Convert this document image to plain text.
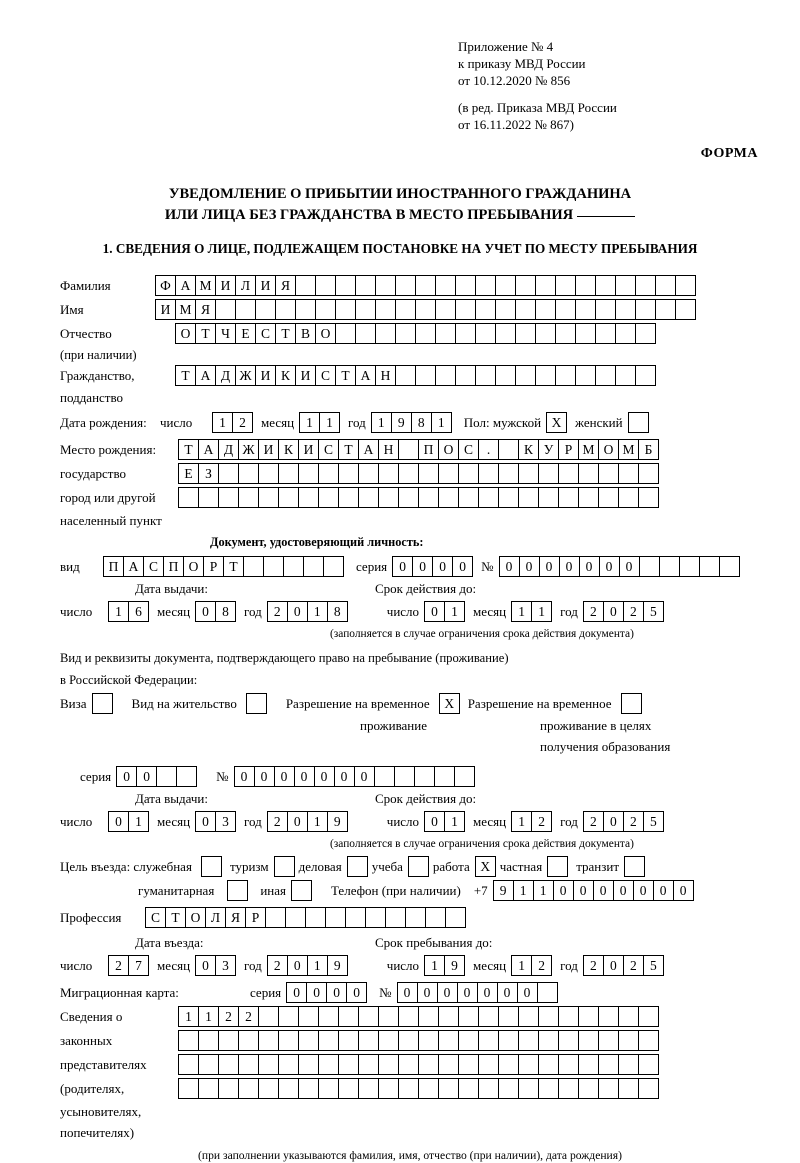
Приложение № 4
к приказу МВД России
от 10.12.2020 № 856
(в ред. Приказа МВД России
от 16.11.2022 № 867)
ФОРМА
УВЕДОМЛЕНИЕ О ПРИБЫТИИ ИНОСТРАННОГО ГРАЖДАНИНА
ИЛИ ЛИЦА БЕЗ ГРАЖДАНСТВА В МЕСТО ПРЕБЫВАНИЯ
1. СВЕДЕНИЯ О ЛИЦЕ, ПОДЛЕЖАЩЕМ ПОСТАНОВКЕ НА УЧЕТ ПО МЕСТУ ПРЕБЫВАНИЯ
Фамилия	Ф А М И Л И Я
Имя	И М Я
Отчество	О Т Ч Е С Т В О
(при наличии)
Гражданство,	Т А Д Ж И К И С Т А Н
подданство
Дата рождения:	число	1 2	месяц 1 1	год 1 9 8 1	Пол: мужской X	женский
Место рождения:	Т А Д Ж И К И С Т А Н	П О С	.	К У Р М О М Б
государство	Е З
город или другой
населенный пункт
Документ, удостоверяющий личность:
вид	П А С П О Р Т	серия 0 0 0 0	№ 0 0 0 0 0 0 0
Дата выдачи:	Срок действия до:
число	1 6	месяц 0 8	год 2 0 1 8	число 0 1	месяц 1 1	год 2 0 2 5
(заполняется в случае ограничения срока действия документа)
Вид и реквизиты документа, подтверждающего право на пребывание (проживание)
в Российской Федерации:
Виза	Вид на жительство	Разрешение на временное	X	Разрешение на временное
проживание	проживание в целях
получения образования
серия 0 0	№ 0 0 0 0 0 0 0
Дата выдачи:	Срок действия до:
число	0 1	месяц 0 3	год 2 0 1 9	число 0 1	месяц 1 2	год 2 0 2 5
(заполняется в случае ограничения срока действия документа)
Цель въезда: служебная	туризм деловая учеба работа X частная	транзит
гуманитарная	иная	Телефон (при наличии) +7 9 1 1 0 0 0 0 0 0 0
Профессия	С Т О Л Я Р
Дата въезда:	Срок пребывания до:
число	2 7	месяц 0 3	год 2 0 1 9	число 1 9	месяц 1 2	год 2 0 2 5
Миграционная карта:	серия 0 0 0 0	№ 0 0 0 0 0 0 0
Сведения о	1 1 2 2
законных
представителях
(родителях,
усыновителях,
попечителях)
(при заполнении указываются фамилия, имя, отчество (при наличии), дата рождения)
